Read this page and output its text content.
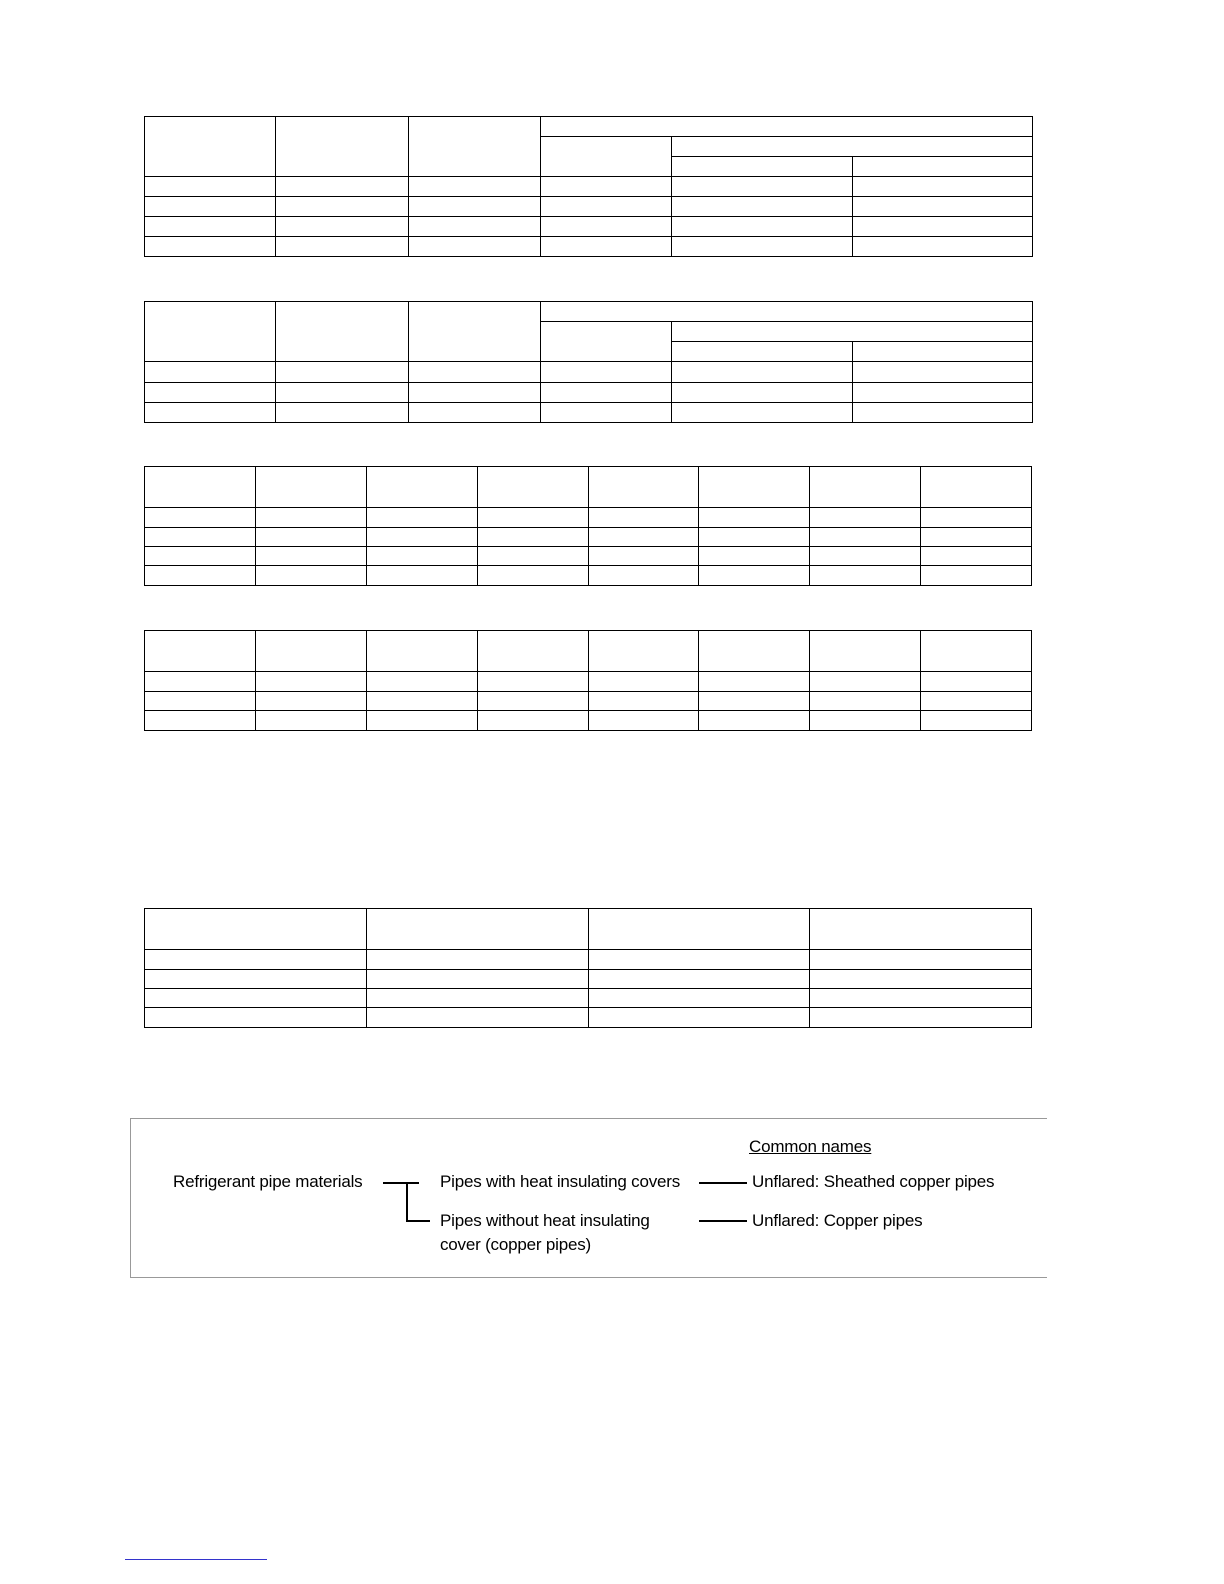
Common names
Refrigerant pipe materials	Pipes with heat insulating covers
Pipes without heat insulating
cover (copper pipes)
Unflared: Sheathed copper pipes
Unflared: Copper pipes
